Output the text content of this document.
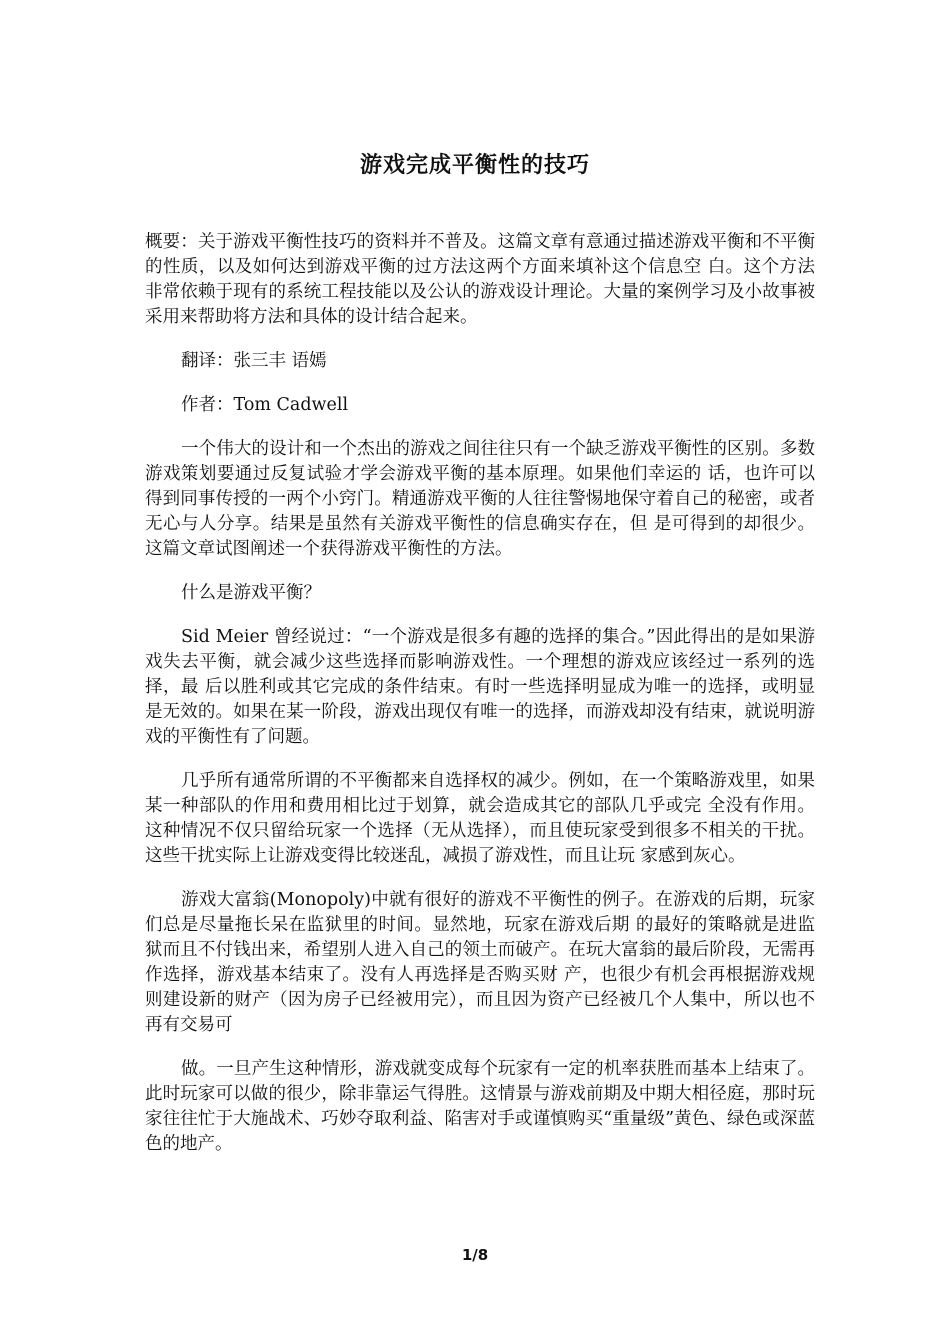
游戏完成平衡性的技巧

概要：关于游戏平衡性技巧的资料并不普及。这篇文章有意通过描述游戏平衡和不平衡的性质，以及如何达到游戏平衡的过方法这两个方面来填补这个信息空 白。这个方法非常依赖于现有的系统工程技能以及公认的游戏设计理论。大量的案例学习及小故事被采用来帮助将方法和具体的设计结合起来。

翻译：张三丰 语嫣

作者：Tom Cadwell

一个伟大的设计和一个杰出的游戏之间往往只有一个缺乏游戏平衡性的区别。多数游戏策划要通过反复试验才学会游戏平衡的基本原理。如果他们幸运的 话，也许可以得到同事传授的一两个小窍门。精通游戏平衡的人往往警惕地保守着自己的秘密，或者无心与人分享。结果是虽然有关游戏平衡性的信息确实存在，但 是可得到的却很少。这篇文章试图阐述一个获得游戏平衡性的方法。

什么是游戏平衡？

Sid Meier 曾经说过：“一个游戏是很多有趣的选择的集合。”因此得出的是如果游戏失去平衡，就会减少这些选择而影响游戏性。一个理想的游戏应该经过一系列的选择，最 后以胜利或其它完成的条件结束。有时一些选择明显成为唯一的选择，或明显是无效的。如果在某一阶段，游戏出现仅有唯一的选择，而游戏却没有结束，就说明游 戏的平衡性有了问题。

几乎所有通常所谓的不平衡都来自选择权的减少。例如，在一个策略游戏里，如果某一种部队的作用和费用相比过于划算，就会造成其它的部队几乎或完 全没有作用。这种情况不仅只留给玩家一个选择（无从选择），而且使玩家受到很多不相关的干扰。这些干扰实际上让游戏变得比较迷乱，减损了游戏性，而且让玩 家感到灰心。

游戏大富翁(Monopoly)中就有很好的游戏不平衡性的例子。在游戏的后期，玩家们总是尽量拖长呆在监狱里的时间。显然地，玩家在游戏后期 的最好的策略就是进监狱而且不付钱出来，希望别人进入自己的领土而破产。在玩大富翁的最后阶段，无需再作选择，游戏基本结束了。没有人再选择是否购买财 产，也很少有机会再根据游戏规则建设新的财产（因为房子已经被用完），而且因为资产已经被几个人集中，所以也不再有交易可

做。一旦产生这种情形，游戏就变成每个玩家有一定的机率获胜而基本上结束了。此时玩家可以做的很少，除非靠运气得胜。这情景与游戏前期及中期大相径庭，那时玩家往往忙于大施战术、巧妙夺取利益、陷害对手或谨慎购买“重量级”黄色、绿色或深蓝色的地产。

1/8
